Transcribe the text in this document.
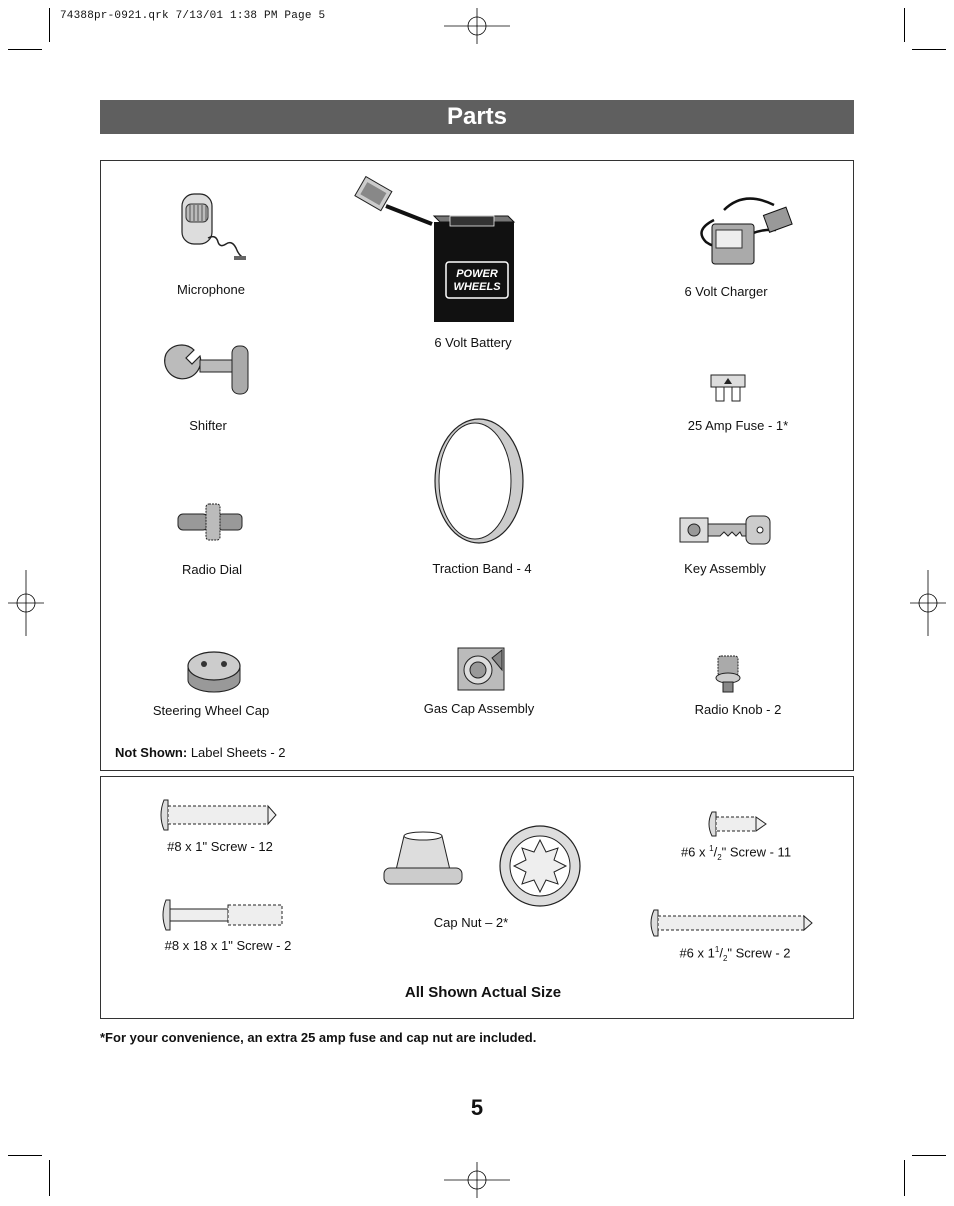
74388pr-0921.qrk 7/13/01 1:38 PM Page 5
Parts
Microphone
POWER
WHEELS
6 Volt Battery
6 Volt Charger
Shifter	25 Amp Fuse - 1*
Radio Dial	Traction Band - 4	Key Assembly
Steering Wheel Cap	Gas Cap Assembly	Radio Knob - 2
Not Shown: Label Sheets - 2
#8 x 1" Screw - 12
#8 x 18 x 1" Screw - 2
Cap Nut – 2*
#6 x $^1/_2$" Screw - 11
#6 x $1^1/_2$" Screw - 2
All Shown Actual Size
*For your convenience, an extra 25 amp fuse and cap nut are included.
5
